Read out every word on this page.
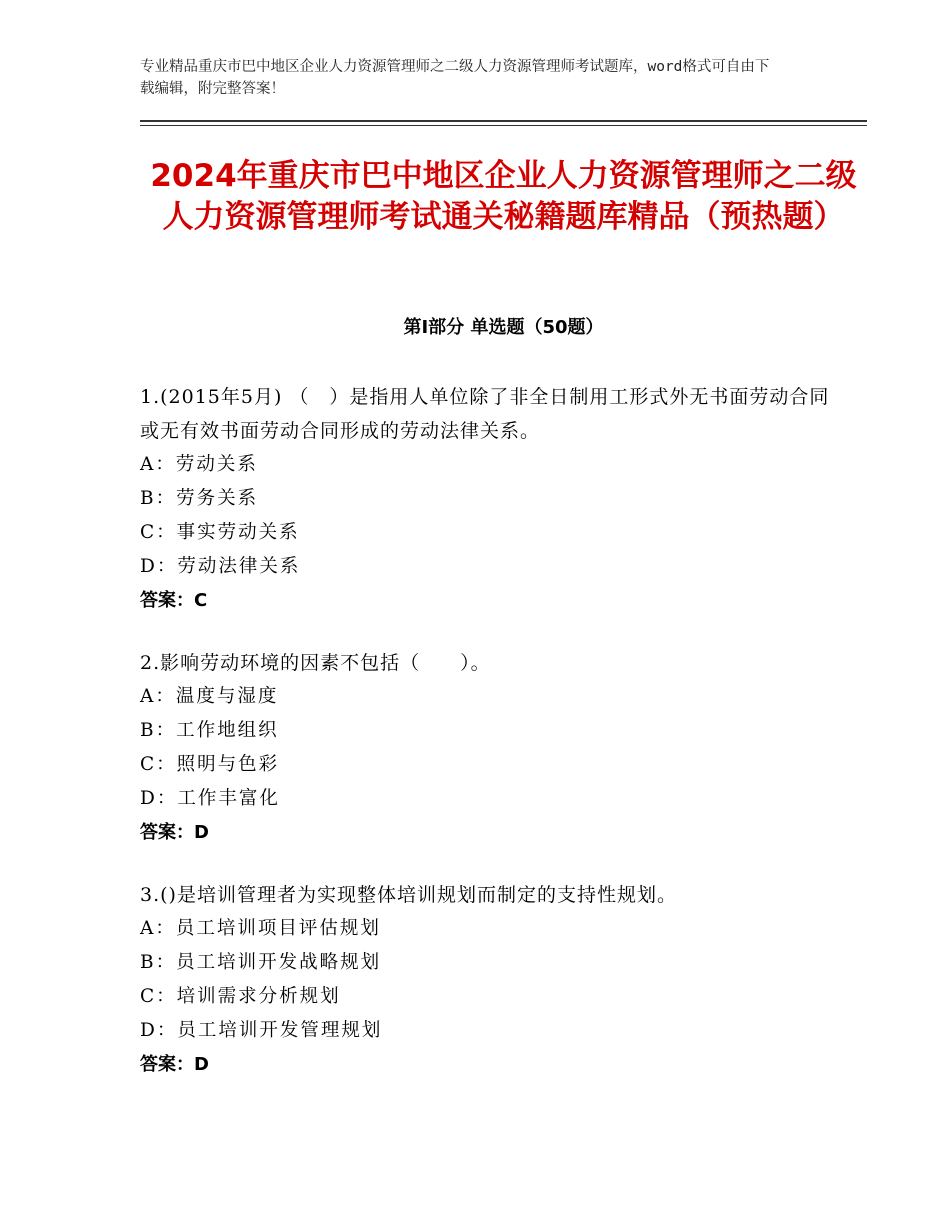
专业精品重庆市巴中地区企业人力资源管理师之二级人力资源管理师考试题库，word格式可自由下载编辑，附完整答案！
2024年重庆市巴中地区企业人力资源管理师之二级人力资源管理师考试通关秘籍题库精品（预热题）
第Ⅰ部分 单选题（50题）
1.(2015年5月) （　）是指用人单位除了非全日制用工形式外无书面劳动合同或无有效书面劳动合同形成的劳动法律关系。
A：劳动关系
B：劳务关系
C：事实劳动关系
D：劳动法律关系
答案：C
2.影响劳动环境的因素不包括（　　）。
A：温度与湿度
B：工作地组织
C：照明与色彩
D：工作丰富化
答案：D
3.()是培训管理者为实现整体培训规划而制定的支持性规划。
A：员工培训项目评估规划
B：员工培训开发战略规划
C：培训需求分析规划
D：员工培训开发管理规划
答案：D
